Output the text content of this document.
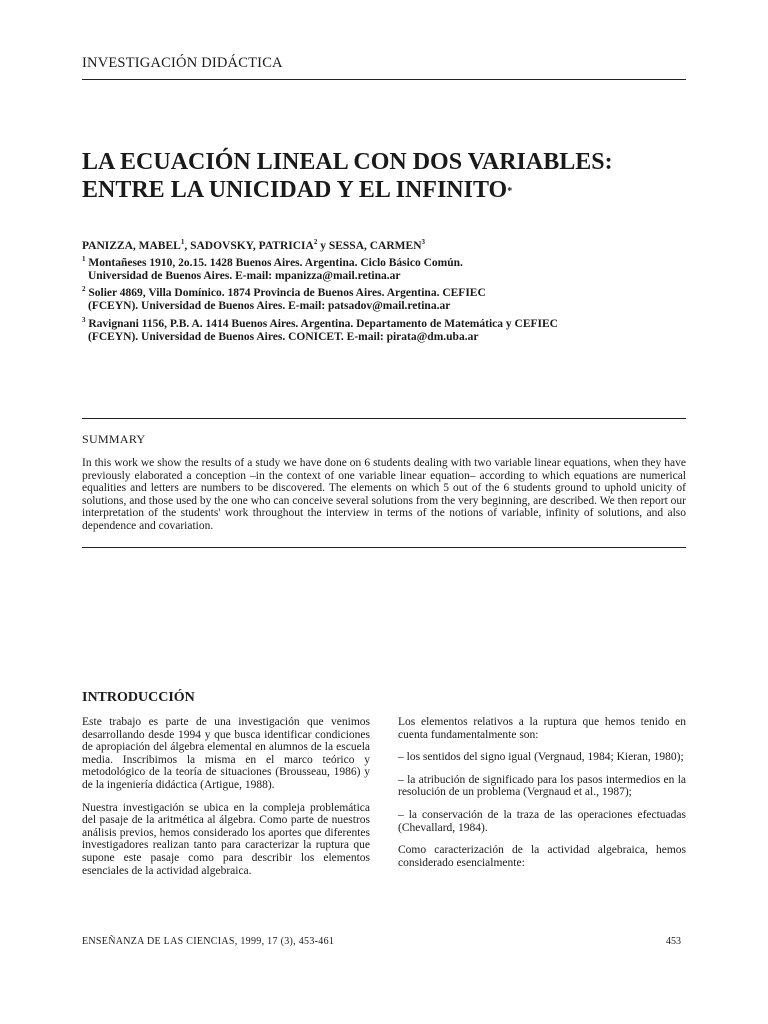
INVESTIGACIÓN DIDÁCTICA
LA ECUACIÓN LINEAL CON DOS VARIABLES:
ENTRE LA UNICIDAD Y EL INFINITO*
PANIZZA, MABEL$^1$, SADOVSKY, PATRICIA$^2$ y SESSA, CARMEN$^3$
$^1$ Montañeses 1910, 2o.15. 1428 Buenos Aires. Argentina. Ciclo Básico Común.
Universidad de Buenos Aires. E-mail: mpanizza@mail.retina.ar
$^2$ Solier 4869, Villa Domínico. 1874 Provincia de Buenos Aires. Argentina. CEFIEC
(FCEYN). Universidad de Buenos Aires. E-mail: patsadov@mail.retina.ar
$^3$ Ravignani 1156, P.B. A. 1414 Buenos Aires. Argentina. Departamento de Matemática y CEFIEC
(FCEYN). Universidad de Buenos Aires. CONICET. E-mail: pirata@dm.uba.ar
SUMMARY

In this work we show the results of a study we have done on 6 students dealing with two variable linear equations, when they have previously elaborated a conception –in the context of one variable linear equation– according to which equations are numerical equalities and letters are numbers to be discovered. The elements on which 5 out of the 6 students ground to uphold unicity of solutions, and those used by the one who can conceive several solutions from the very beginning, are described. We then report our interpretation of the students' work throughout the interview in terms of the notions of variable, infinity of solutions, and also dependence and covariation.

INTRODUCCIÓN

Este trabajo es parte de una investigación que venimos desarrollando desde 1994 y que busca identificar condiciones de apropiación del álgebra elemental en alumnos de la escuela media. Inscribimos la misma en el marco teórico y metodológico de la teoría de situaciones (Brousseau, 1986) y de la ingeniería didáctica (Artigue, 1988).

Nuestra investigación se ubica en la compleja problemática del pasaje de la aritmética al álgebra. Como parte de nuestros análisis previos, hemos considerado los aportes que diferentes investigadores realizan tanto para caracterizar la ruptura que supone este pasaje como para describir los elementos esenciales de la actividad algebraica.

Los elementos relativos a la ruptura que hemos tenido en cuenta fundamentalmente son:

– los sentidos del signo igual (Vergnaud, 1984; Kieran, 1980);

– la atribución de significado para los pasos intermedios en la resolución de un problema (Vergnaud et al., 1987);

– la conservación de la traza de las operaciones efectuadas (Chevallard, 1984).

Como caracterización de la actividad algebraica, hemos considerado esencialmente:

ENSEÑANZA DE LAS CIENCIAS, 1999, 17 (3), 453-461	453
